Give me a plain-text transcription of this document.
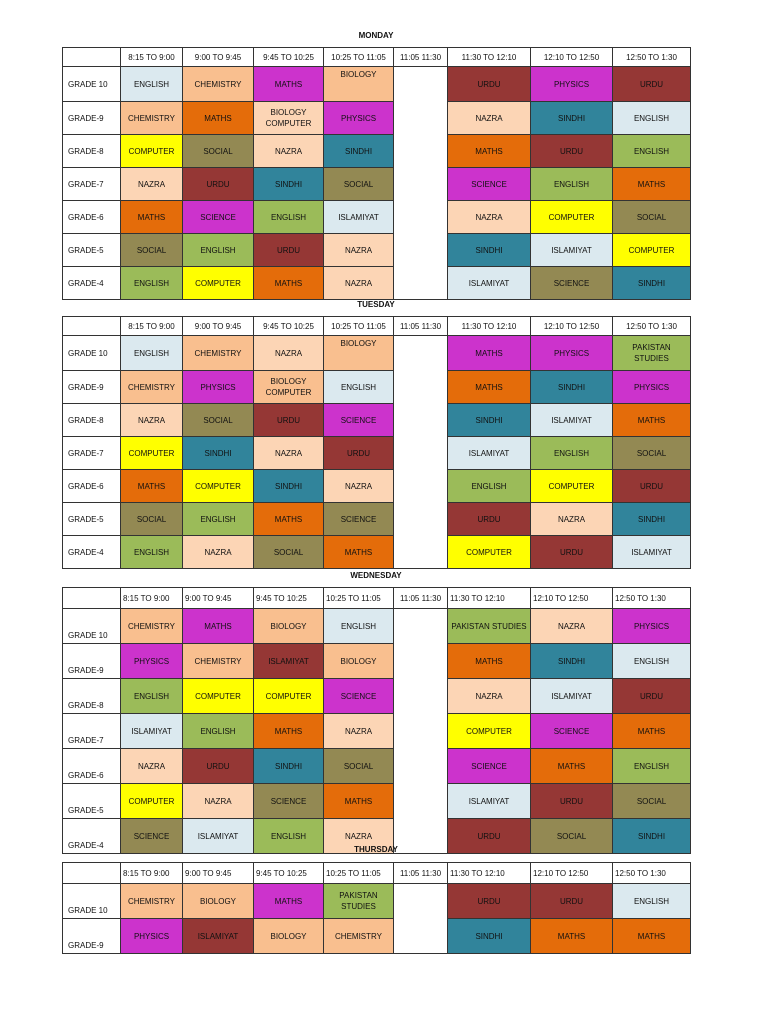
MONDAY
	8:15 TO 9:00	9:00 TO 9:45	9:45 TO 10:25	10:25 TO 11:05	11:05 11:30	11:30 TO 12:10	12:10 TO 12:50	12:50 TO 1:30
GRADE 10	ENGLISH	CHEMISTRY	MATHS	BIOLOGY		URDU	PHYSICS	URDU
GRADE-9	CHEMISTRY	MATHS	BIOLOGY COMPUTER	PHYSICS		NAZRA	SINDHI	ENGLISH
GRADE-8	COMPUTER	SOCIAL	NAZRA	SINDHI		MATHS	URDU	ENGLISH
GRADE-7	NAZRA	URDU	SINDHI	SOCIAL		SCIENCE	ENGLISH	MATHS
GRADE-6	MATHS	SCIENCE	ENGLISH	ISLAMIYAT		NAZRA	COMPUTER	SOCIAL
GRADE-5	SOCIAL	ENGLISH	URDU	NAZRA		SINDHI	ISLAMIYAT	COMPUTER
GRADE-4	ENGLISH	COMPUTER	MATHS	NAZRA		ISLAMIYAT	SCIENCE	SINDHI
TUESDAY
	8:15 TO 9:00	9:00 TO 9:45	9:45 TO 10:25	10:25 TO 11:05	11:05 11:30	11:30 TO 12:10	12:10 TO 12:50	12:50 TO 1:30
GRADE 10	ENGLISH	CHEMISTRY	NAZRA	BIOLOGY		MATHS	PHYSICS	PAKISTAN STUDIES
GRADE-9	CHEMISTRY	PHYSICS	BIOLOGY COMPUTER	ENGLISH		MATHS	SINDHI	PHYSICS
GRADE-8	NAZRA	SOCIAL	URDU	SCIENCE		SINDHI	ISLAMIYAT	MATHS
GRADE-7	COMPUTER	SINDHI	NAZRA	URDU		ISLAMIYAT	ENGLISH	SOCIAL
GRADE-6	MATHS	COMPUTER	SINDHI	NAZRA		ENGLISH	COMPUTER	URDU
GRADE-5	SOCIAL	ENGLISH	MATHS	SCIENCE		URDU	NAZRA	SINDHI
GRADE-4	ENGLISH	NAZRA	SOCIAL	MATHS		COMPUTER	URDU	ISLAMIYAT
WEDNESDAY
	8:15 TO 9:00	9:00 TO 9:45	9:45 TO 10:25	10:25 TO 11:05	11:05 11:30	11:30 TO 12:10	12:10 TO 12:50	12:50 TO 1:30
GRADE 10	CHEMISTRY	MATHS	BIOLOGY	ENGLISH		PAKISTAN STUDIES	NAZRA	PHYSICS
GRADE-9	PHYSICS	CHEMISTRY	ISLAMIYAT	BIOLOGY		MATHS	SINDHI	ENGLISH
GRADE-8	ENGLISH	COMPUTER	COMPUTER	SCIENCE		NAZRA	ISLAMIYAT	URDU
GRADE-7	ISLAMIYAT	ENGLISH	MATHS	NAZRA		COMPUTER	SCIENCE	MATHS
GRADE-6	NAZRA	URDU	SINDHI	SOCIAL		SCIENCE	MATHS	ENGLISH
GRADE-5	COMPUTER	NAZRA	SCIENCE	MATHS		ISLAMIYAT	URDU	SOCIAL
GRADE-4	SCIENCE	ISLAMIYAT	ENGLISH	NAZRA		URDU	SOCIAL	SINDHI
THURSDAY
	8:15 TO 9:00	9:00 TO 9:45	9:45 TO 10:25	10:25 TO 11:05	11:05 11:30	11:30 TO 12:10	12:10 TO 12:50	12:50 TO 1:30
GRADE 10	CHEMISTRY	BIOLOGY	MATHS	PAKISTAN STUDIES		URDU	URDU	ENGLISH
GRADE-9	PHYSICS	ISLAMIYAT	BIOLOGY	CHEMISTRY		SINDHI	MATHS	MATHS
